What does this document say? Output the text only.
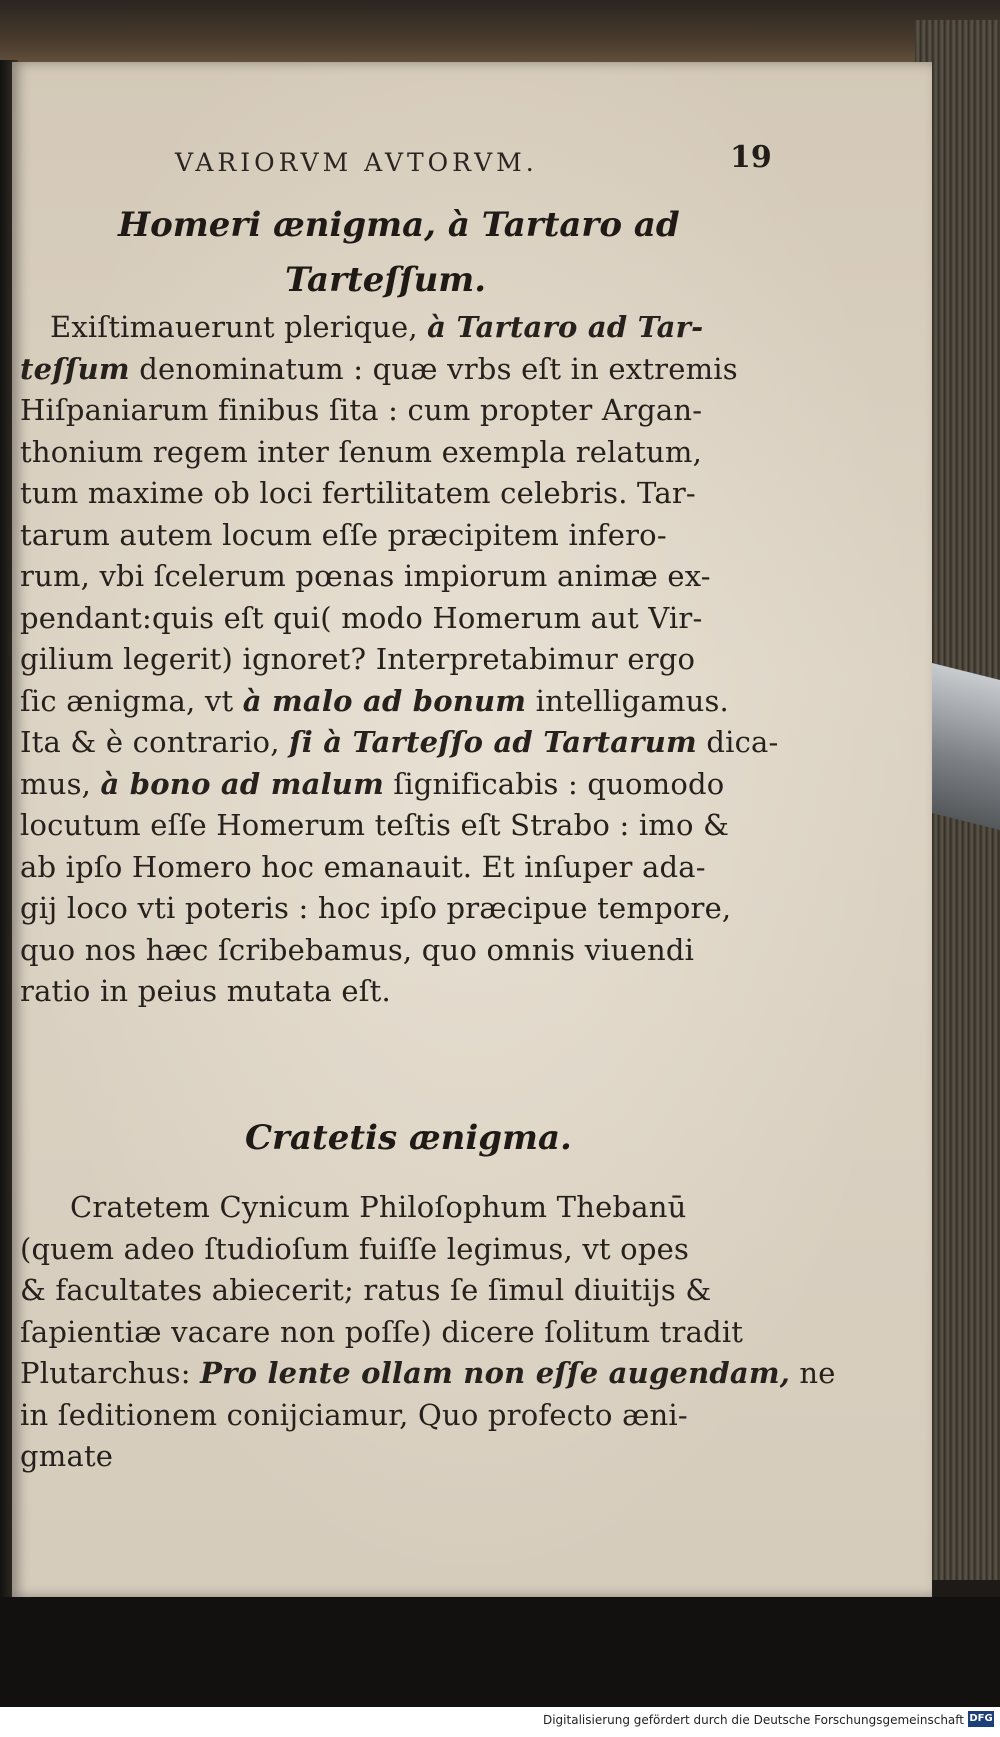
VARIORVM AVTORVM.	19
Homeri ænigma, à Tartaro ad
Tarteſſum.
Exiſtimauerunt plerique, à Tartaro ad Tar-
teſſum denominatum : quæ vrbs eſt in extremis
Hiſpaniarum finibus ſita : cum propter Argan-
thonium regem inter ſenum exempla relatum,
tum maxime ob loci fertilitatem celebris. Tar-
tarum autem locum eſſe præcipitem infero-
rum, vbi ſcelerum pœnas impiorum animæ ex-
pendant:quis eſt qui( modo Homerum aut Vir-
gilium legerit) ignoret? Interpretabimur ergo
ſic ænigma, vt à malo ad bonum intelligamus.
Ita & è contrario, ſi à Tarteſſo ad Tartarum dica-
mus, à bono ad malum ſignificabis : quomodo
locutum eſſe Homerum teſtis eſt Strabo : imo &
ab ipſo Homero hoc emanauit. Et inſuper ada-
gij loco vti poteris : hoc ipſo præcipue tempore,
quo nos hæc ſcribebamus, quo omnis viuendi
ratio in peius mutata eſt.
Cratetis ænigma.
Cratetem Cynicum Philoſophum Thebanū
(quem adeo ſtudioſum fuiſſe legimus, vt opes
& facultates abiecerit; ratus ſe ſimul diuitijs &
ſapientiæ vacare non poſſe) dicere ſolitum tradit
Plutarchus: Pro lente ollam non eſſe augendam, ne
in ſeditionem conijciamur, Quo profecto æni-
gmate
Digitalisierung gefördert durch die Deutsche Forschungsgemeinschaft DFG
